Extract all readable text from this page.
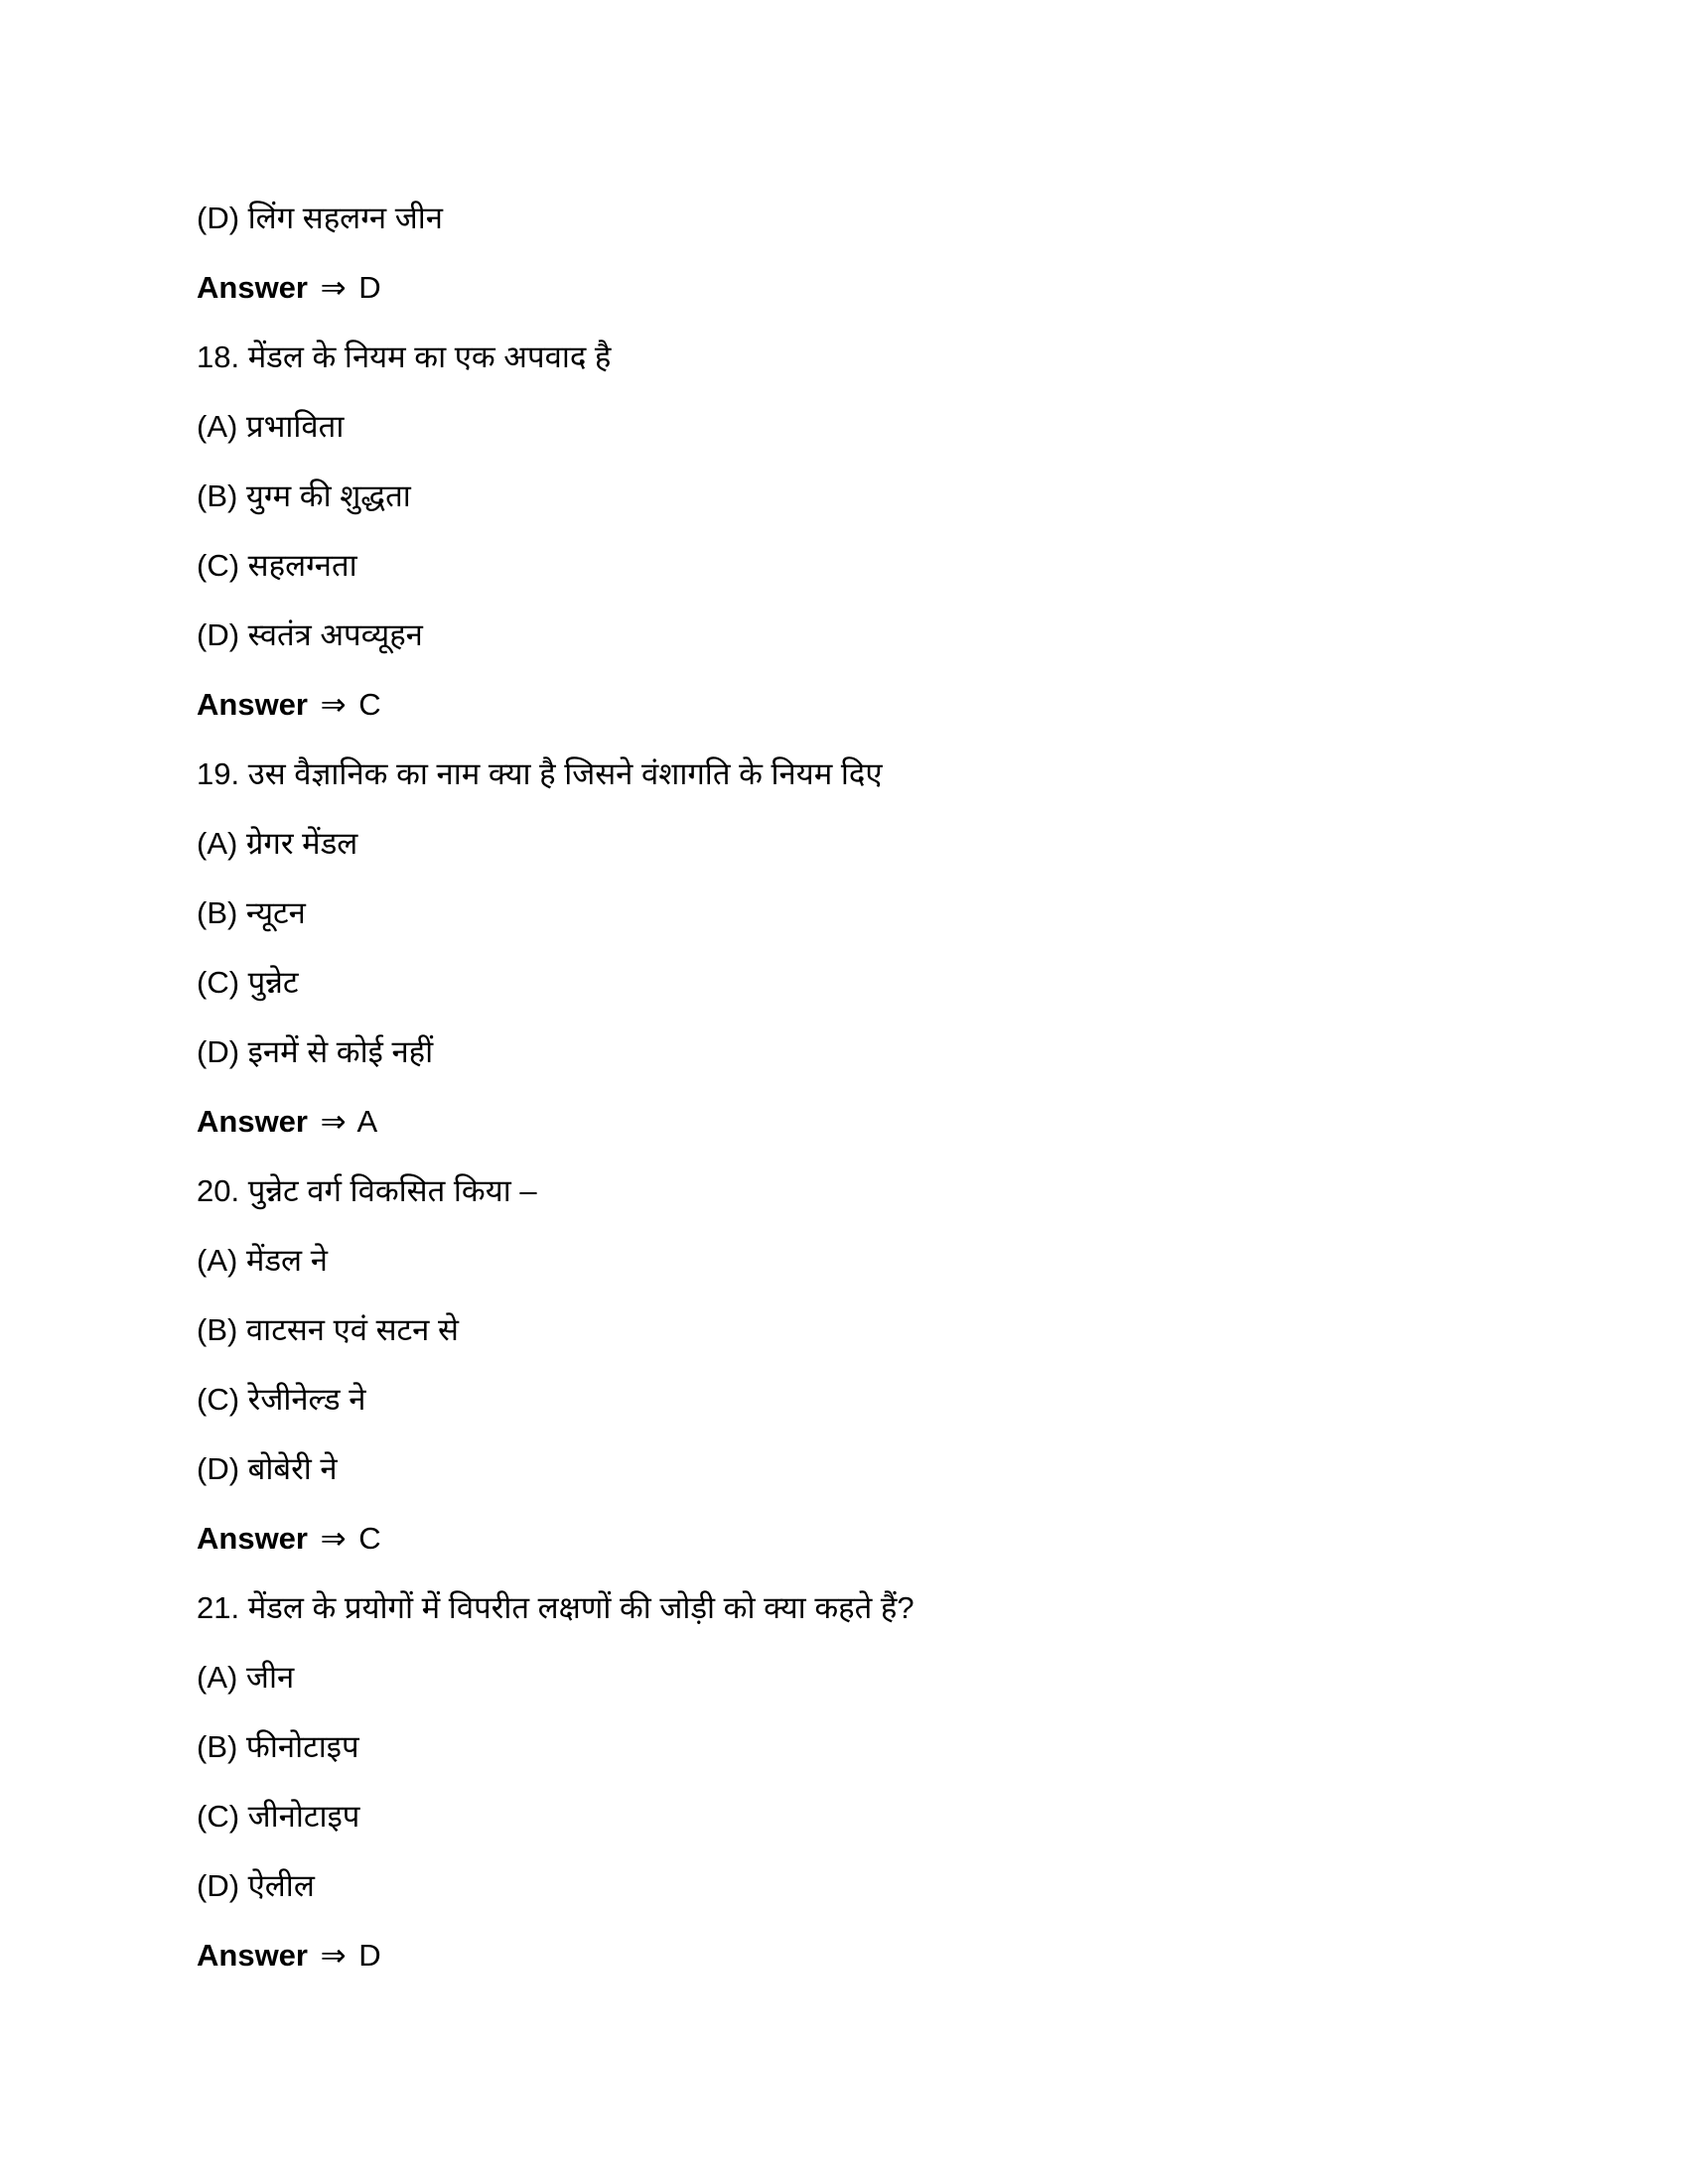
(D) लिंग सहलग्न जीन
Answer ⇒ D
18. मेंडल के नियम का एक अपवाद है
(A) प्रभाविता
(B) युग्म की शुद्धता
(C) सहलग्नता
(D) स्वतंत्र अपव्यूहन
Answer ⇒ C
19. उस वैज्ञानिक का नाम क्या है जिसने वंशागति के नियम दिए
(A) ग्रेगर मेंडल
(B) न्यूटन
(C) पुन्नेट
(D) इनमें से कोई नहीं
Answer ⇒ A
20. पुन्नेट वर्ग विकसित किया –
(A) मेंडल ने
(B) वाटसन एवं सटन से
(C) रेजीनेल्ड ने
(D) बोबेरी ने
Answer ⇒ C
21. मेंडल के प्रयोगों में विपरीत लक्षणों की जोड़ी को क्या कहते हैं?
(A) जीन
(B) फीनोटाइप
(C) जीनोटाइप
(D) ऐलील
Answer ⇒ D
